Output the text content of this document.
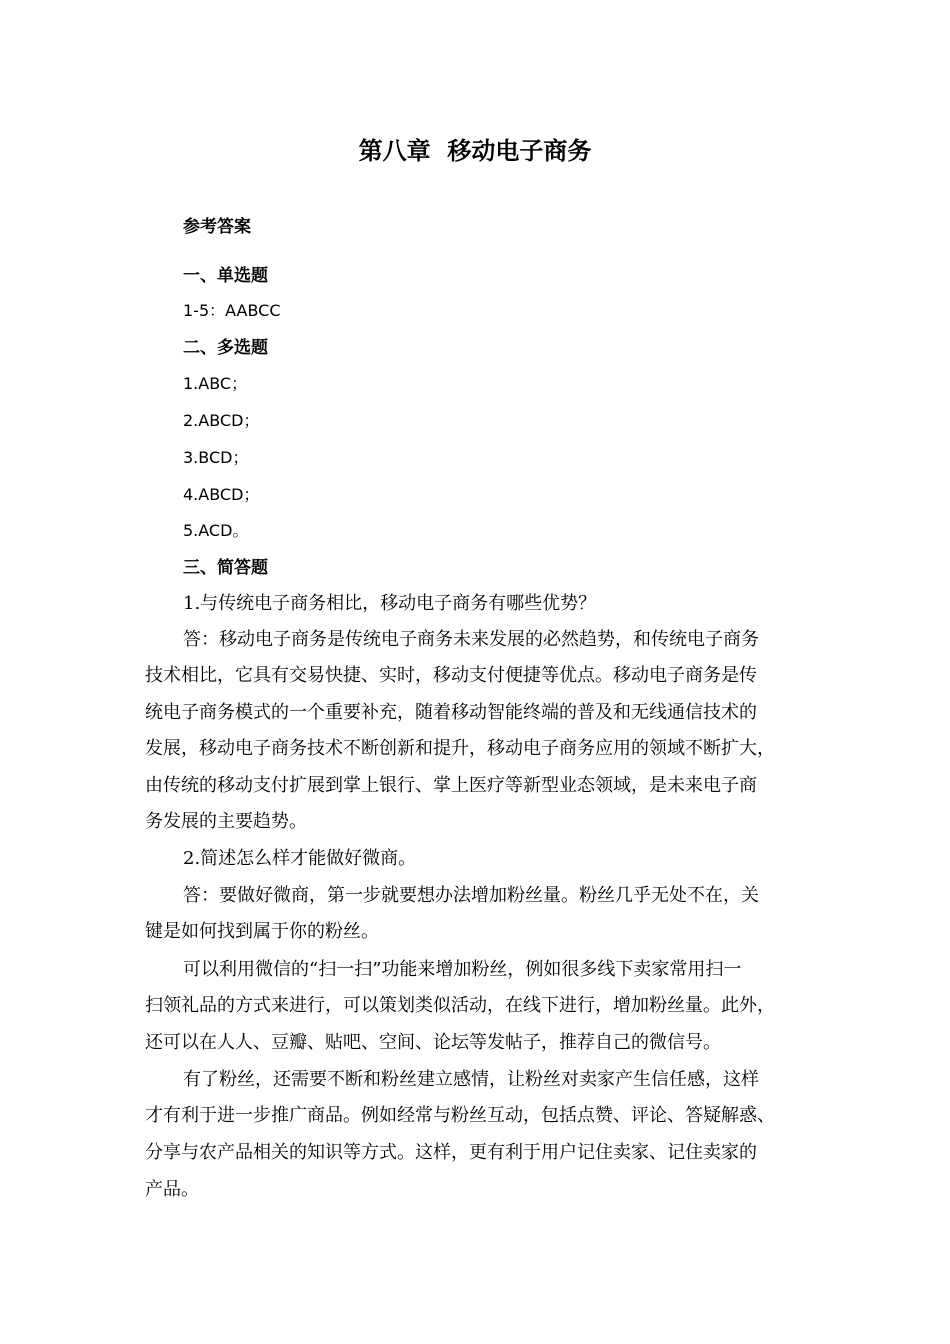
第八章  移动电子商务
参考答案
一、单选题
1-5：AABCC
二、多选题
1.ABC；
2.ABCD；
3.BCD；
4.ABCD；
5.ACD。
三、简答题
1.与传统电子商务相比，移动电子商务有哪些优势？
答：移动电子商务是传统电子商务未来发展的必然趋势，和传统电子商务
技术相比，它具有交易快捷、实时，移动支付便捷等优点。移动电子商务是传
统电子商务模式的一个重要补充，随着移动智能终端的普及和无线通信技术的
发展，移动电子商务技术不断创新和提升，移动电子商务应用的领域不断扩大，
由传统的移动支付扩展到掌上银行、掌上医疗等新型业态领域，是未来电子商
务发展的主要趋势。
2.简述怎么样才能做好微商。
答：要做好微商，第一步就要想办法增加粉丝量。粉丝几乎无处不在，关
键是如何找到属于你的粉丝。
可以利用微信的“扫一扫”功能来增加粉丝，例如很多线下卖家常用扫一
扫领礼品的方式来进行，可以策划类似活动，在线下进行，增加粉丝量。此外，
还可以在人人、豆瓣、贴吧、空间、论坛等发帖子，推荐自己的微信号。
有了粉丝，还需要不断和粉丝建立感情，让粉丝对卖家产生信任感，这样
才有利于进一步推广商品。例如经常与粉丝互动，包括点赞、评论、答疑解惑、
分享与农产品相关的知识等方式。这样，更有利于用户记住卖家、记住卖家的
产品。
